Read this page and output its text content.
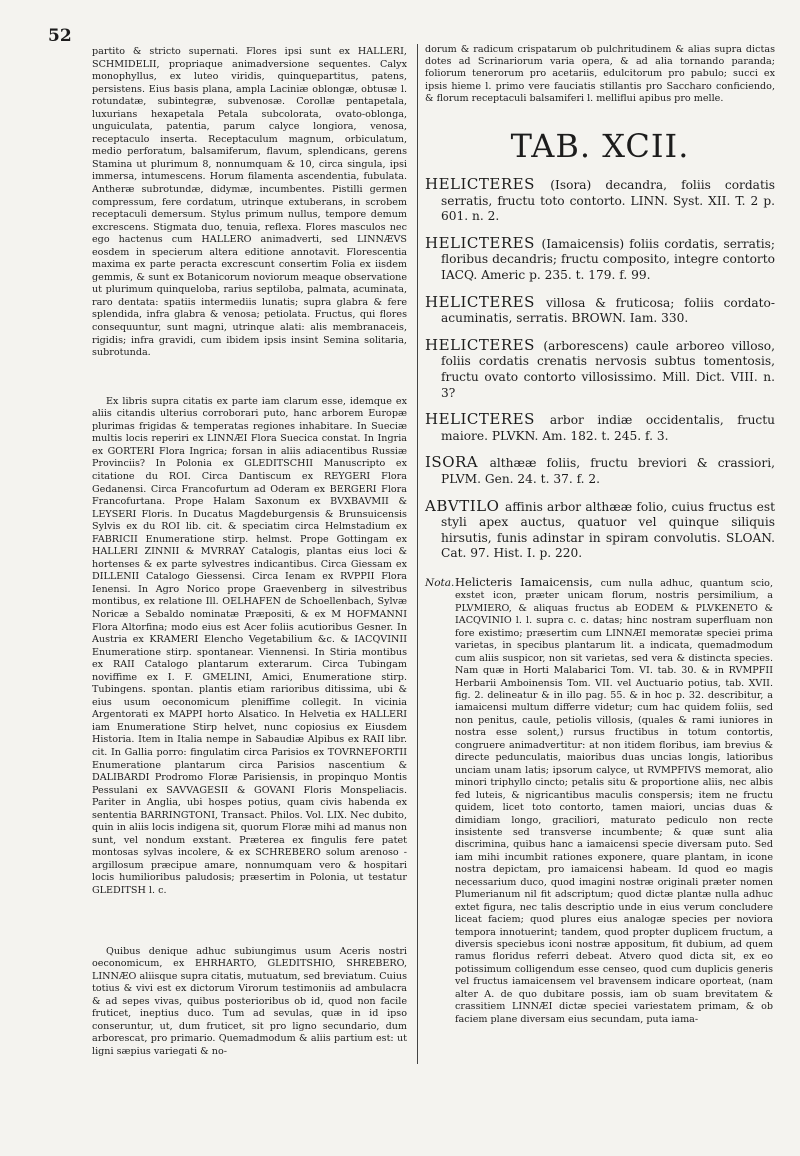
52

partito & stricto supernati. Flores ipsi sunt ex HALLERI, SCHMIDELII, propriaque animadversione sequentes. Calyx monophyllus, ex luteo viridis, quinquepartitus, patens, persistens. Eius basis plana, ampla Laciniæ oblongæ, obtusæ l. rotundatæ, subintegræ, subvenosæ. Corollæ pentapetala, luxurians hexapetala Petala subcolorata, ovato-oblonga, unguiculata, patentia, parum calyce longiora, venosa, receptaculo inserta. Receptaculum magnum, orbiculatum, medio perforatum, balsamiferum, flavum, splendicans, gerens Stamina ut plurimum 8, nonnumquam & 10, circa singula, ipsi immersa, intumescens. Horum filamenta ascendentia, fubulata. Antheræ subrotundæ, didymæ, incumbentes. Pistilli germen compressum, fere cordatum, utrinque extuberans, in scrobem receptaculi demersum. Stylus primum nullus, tempore demum excrescens. Stigmata duo, tenuia, reflexa. Flores masculos nec ego hactenus cum HALLERO animadverti, sed LINNÆVS eosdem in specierum altera editione annotavit. Florescentia maxima ex parte peracta excrescunt consertim Folia ex iisdem gemmis, & sunt ex Botanicorum noviorum meaque observatione ut plurimum quinqueloba, rarius septiloba, palmata, acuminata, raro dentata: spatiis intermediis lunatis; supra glabra & fere splendida, infra glabra & venosa; petiolata. Fructus, qui flores consequuntur, sunt magni, utrinque alati: alis membranaceis, rigidis; infra gravidi, cum ibidem ipsis insint Semina solitaria, subrotunda.

Ex libris supra citatis ex parte iam clarum esse, idemque ex aliis citandis ulterius corroborari puto, hanc arborem Europæ plurimas frigidas & temperatas regiones inhabitare. In Sueciæ multis locis reperiri ex LINNÆI Flora Suecica constat. In Ingria ex GORTERI Flora Ingrica; forsan in aliis adiacentibus Russiæ Provinciis? In Polonia ex GLEDITSCHII Manuscripto ex citatione du ROI. Circa Dantiscum ex REYGERI Flora Gedanensi. Circa Francofurtum ad Oderam ex BERGERI Flora Francofurtana. Prope Halam Saxonum ex BVXBAVMII & LEYSERI Floris. In Ducatus Magdeburgensis & Brunsuicensis Sylvis ex du ROI lib. cit. & speciatim circa Helmstadium ex FABRICII Enumeratione stirp. helmst. Prope Gottingam ex HALLERI ZINNII & MVRRAY Catalogis, plantas eius loci & hortenses & ex parte sylvestres indicantibus. Circa Giessam ex DILLENII Catalogo Giessensi. Circa Ienam ex RVPPII Flora Ienensi. In Agro Norico prope Graevenberg in silvestribus montibus, ex relatione Ill. OELHAFEN de Schoellenbach, Sylvæ Noricæ a Sebaldo nominatæ Præpositi, & ex M HOFMANNI Flora Altorfina; modo eius est Acer foliis acutioribus Gesner. In Austria ex KRAMERI Elencho Vegetabilium &c. & IACQVINII Enumeratione stirp. spontanear. Viennensi. In Stiria montibus ex RAII Catalogo plantarum exterarum. Circa Tubingam noviffime ex I. F. GMELINI, Amici, Enumeratione stirp. Tubingens. spontan. plantis etiam rarioribus ditissima, ubi & eius usum oeconomicum pleniffime collegit. In vicinia Argentorati ex MAPPI horto Alsatico. In Helvetia ex HALLERI iam Enumeratione Stirp helvet, nunc copiosius ex Eiusdem Historia. Item in Italia nempe in Sabaudiæ Alpibus ex RAII libr. cit. In Gallia porro: fingulatim circa Parisios ex TOVRNEFORTII Enumeratione plantarum circa Parisios nascentium & DALIBARDI Prodromo Floræ Parisiensis, in propinquo Montis Pessulani ex SAVVAGESII & GOVANI Floris Monspeliacis. Pariter in Anglia, ubi hospes potius, quam civis habenda ex sententia BARRINGTONI, Transact. Philos. Vol. LIX. Nec dubito, quin in aliis locis indigena sit, quorum Floræ mihi ad manus non sunt, vel nondum exstant. Præterea ex fingulis fere patet montosas sylvas incolere, & ex SCHREBERO solum arenoso - argillosum præcipue amare, nonnumquam vero & hospitari locis humilioribus paludosis; præsertim in Polonia, ut testatur GLEDITSH l. c.

Quibus denique adhuc subiungimus usum Aceris nostri oeconomicum, ex EHRHARTO, GLEDITSHIO, SHREBERO, LINNÆO aliisque supra citatis, mutuatum, sed breviatum. Cuius totius & vivi est ex dictorum Virorum testimoniis ad ambulacra & ad sepes vivas, quibus posterioribus ob id, quod non facile fruticet, ineptius duco. Tum ad sevulas, quæ in id ipso conseruntur, ut, dum fruticet, sit pro ligno secundario, dum arborescat, pro primario. Quemadmodum & aliis partium est: ut ligni sæpius variegati & no-

dorum & radicum crispatarum ob pulchritudinem & alias supra dictas dotes ad Scrinariorum varia opera, & ad alia tornando paranda; foliorum tenerorum pro acetariis, edulcitorum pro pabulo; succi ex ipsis hieme l. primo vere fauciatis stillantis pro Saccharo conficiendo, & florum receptaculi balsamiferi l. melliflui apibus pro melle.

TAB. XCII.
HELICTERES (Isora) decandra, foliis cordatis serratis, fructu toto contorto. LINN. Syst. XII. T. 2 p. 601. n. 2.
HELICTERES (Iamaicensis) foliis cordatis, serratis; floribus decandris; fructu composito, integre contorto IACQ. Americ p. 235. t. 179. f. 99.
HELICTERES villosa & fruticosa; foliis cordato-acuminatis, serratis. BROWN. Iam. 330.
HELICTERES (arborescens) caule arboreo villoso, foliis cordatis crenatis nervosis subtus tomentosis, fructu ovato contorto villosissimo. Mill. Dict. VIII. n. 3?
HELICTERES arbor indiæ occidentalis, fructu maiore. PLVKN. Am. 182. t. 245. f. 3.
ISORA althææ foliis, fructu breviori & crassiori, PLVM. Gen. 24. t. 37. f. 2.
ABVTILO affinis arbor althææ folio, cuius fructus est styli apex auctus, quatuor vel quinque siliquis hirsutis, funis adinstar in spiram convolutis. SLOAN. Cat. 97. Hist. I. p. 220.
Nota. Helicteris Iamaicensis, cum nulla adhuc, quantum scio, exstet icon, præter unicam florum, nostris persimilium, a PLVMIERO, & aliquas fructus ab EODEM & PLVKENETO & IACQVINIO l. l. supra c. c. datas; hinc nostram superfluam non fore existimo; præsertim cum LINNÆI memoratæ speciei prima varietas, in specibus plantarum lit. a indicata, quemadmodum cum aliis suspicor, non sit varietas, sed vera & distincta species. Nam quæ in Horti Malabarici Tom. VI. tab. 30. & in RVMPFII Herbarii Amboinensis Tom. VII. vel Auctuario potius, tab. XVII. fig. 2. delineatur & in illo pag. 55. & in hoc p. 32. describitur, a iamaicensi multum differre videtur; cum hac quidem foliis, sed non penitus, caule, petiolis villosis, (quales & rami iuniores in nostra esse solent,) rursus fructibus in totum contortis, congruere animadvertitur: at non itidem floribus, iam brevius & directe pedunculatis, maioribus duas uncias longis, latioribus unciam unam latis; ipsorum calyce, ut RVMPFIVS memorat, alio minori triphyllo cincto; petalis situ & proportione aliis, nec albis fed luteis, & nigricantibus maculis conspersis; item ne fructu quidem, licet toto contorto, tamen maiori, uncias duas & dimidiam longo, graciliori, maturato pediculo non recte insistente sed transverse incumbente; & quæ sunt alia discrimina, quibus hanc a iamaicensi specie diversam puto. Sed iam mihi incumbit rationes exponere, quare plantam, in icone nostra depictam, pro iamaicensi habeam. Id quod eo magis necessarium duco, quod imagini nostræ originali præter nomen Plumerianum nil fit adscriptum; quod dictæ plantæ nulla adhuc extet figura, nec talis descriptio unde in eius verum concludere liceat faciem; quod plures eius analogæ species per noviora tempora innotuerint; tandem, quod propter duplicem fructum, a diversis speciebus iconi nostræ appositum, fit dubium, ad quem ramus floridus referri debeat. Atvero quod dicta sit, ex eo potissimum colligendum esse censeo, quod cum duplicis generis vel fructus iamaicensem vel bravensem indicare oporteat, (nam alter A. de quo dubitare possis, iam ob suam brevitatem & crassitiem LINNÆI dictæ speciei variestatem primam, & ob faciem plane diversam eius secundam, puta iama-
